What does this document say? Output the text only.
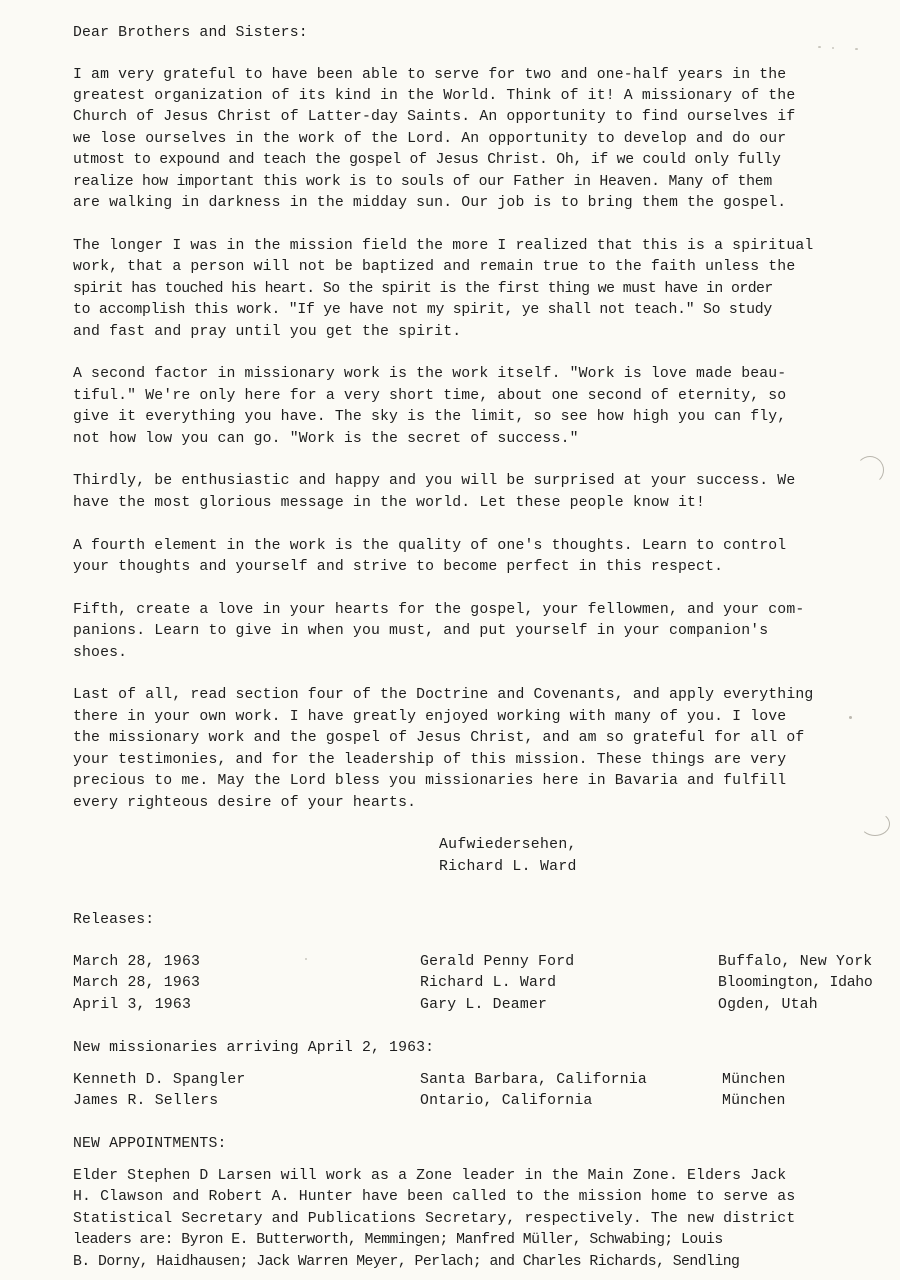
Dear Brothers and Sisters:
I am very grateful to have been able to serve for two and one-half years in the
greatest organization of its kind in the World. Think of it! A missionary of the
Church of Jesus Christ of Latter-day Saints. An opportunity to find ourselves if
we lose ourselves in the work of the Lord. An opportunity to develop and do our
utmost to expound and teach the gospel of Jesus Christ. Oh, if we could only fully
realize how important this work is to souls of our Father in Heaven. Many of them
are walking in darkness in the midday sun. Our job is to bring them the gospel.
The longer I was in the mission field the more I realized that this is a spiritual
work, that a person will not be baptized and remain true to the faith unless the
spirit has touched his heart. So the spirit is the first thing we must have in order
to accomplish this work. "If ye have not my spirit, ye shall not teach." So study
and fast and pray until you get the spirit.
A second factor in missionary work is the work itself. "Work is love made beau-
tiful." We're only here for a very short time, about one second of eternity, so
give it everything you have. The sky is the limit, so see how high you can fly,
not how low you can go. "Work is the secret of success."
Thirdly, be enthusiastic and happy and you will be surprised at your success. We
have the most glorious message in the world. Let these people know it!
A fourth element in the work is the quality of one's thoughts. Learn to control
your thoughts and yourself and strive to become perfect in this respect.
Fifth, create a love in your hearts for the gospel, your fellowmen, and your com-
panions. Learn to give in when you must, and put yourself in your companion's
shoes.
Last of all, read section four of the Doctrine and Covenants, and apply everything
there in your own work. I have greatly enjoyed working with many of you. I love
the missionary work and the gospel of Jesus Christ, and am so grateful for all of
your testimonies, and for the leadership of this mission. These things are very
precious to me. May the Lord bless you missionaries here in Bavaria and fulfill
every righteous desire of your hearts.
Aufwiedersehen,
Richard L. Ward
Releases:
March 28, 1963	Gerald Penny Ford	Buffalo, New York
March 28, 1963	Richard L. Ward	Bloomington, Idaho
April 3, 1963	Gary L. Deamer	Ogden, Utah
New missionaries arriving April 2, 1963:
Kenneth D. Spangler	Santa Barbara, California	München
James R. Sellers	Ontario, California	München
NEW APPOINTMENTS:
Elder Stephen D Larsen will work as a Zone leader in the Main Zone. Elders Jack
H. Clawson and Robert A. Hunter have been called to the mission home to serve as
Statistical Secretary and Publications Secretary, respectively. The new district
leaders are: Byron E. Butterworth, Memmingen; Manfred Müller, Schwabing; Louis
B. Dorny, Haidhausen; Jack Warren Meyer, Perlach; and Charles Richards, Sendling
